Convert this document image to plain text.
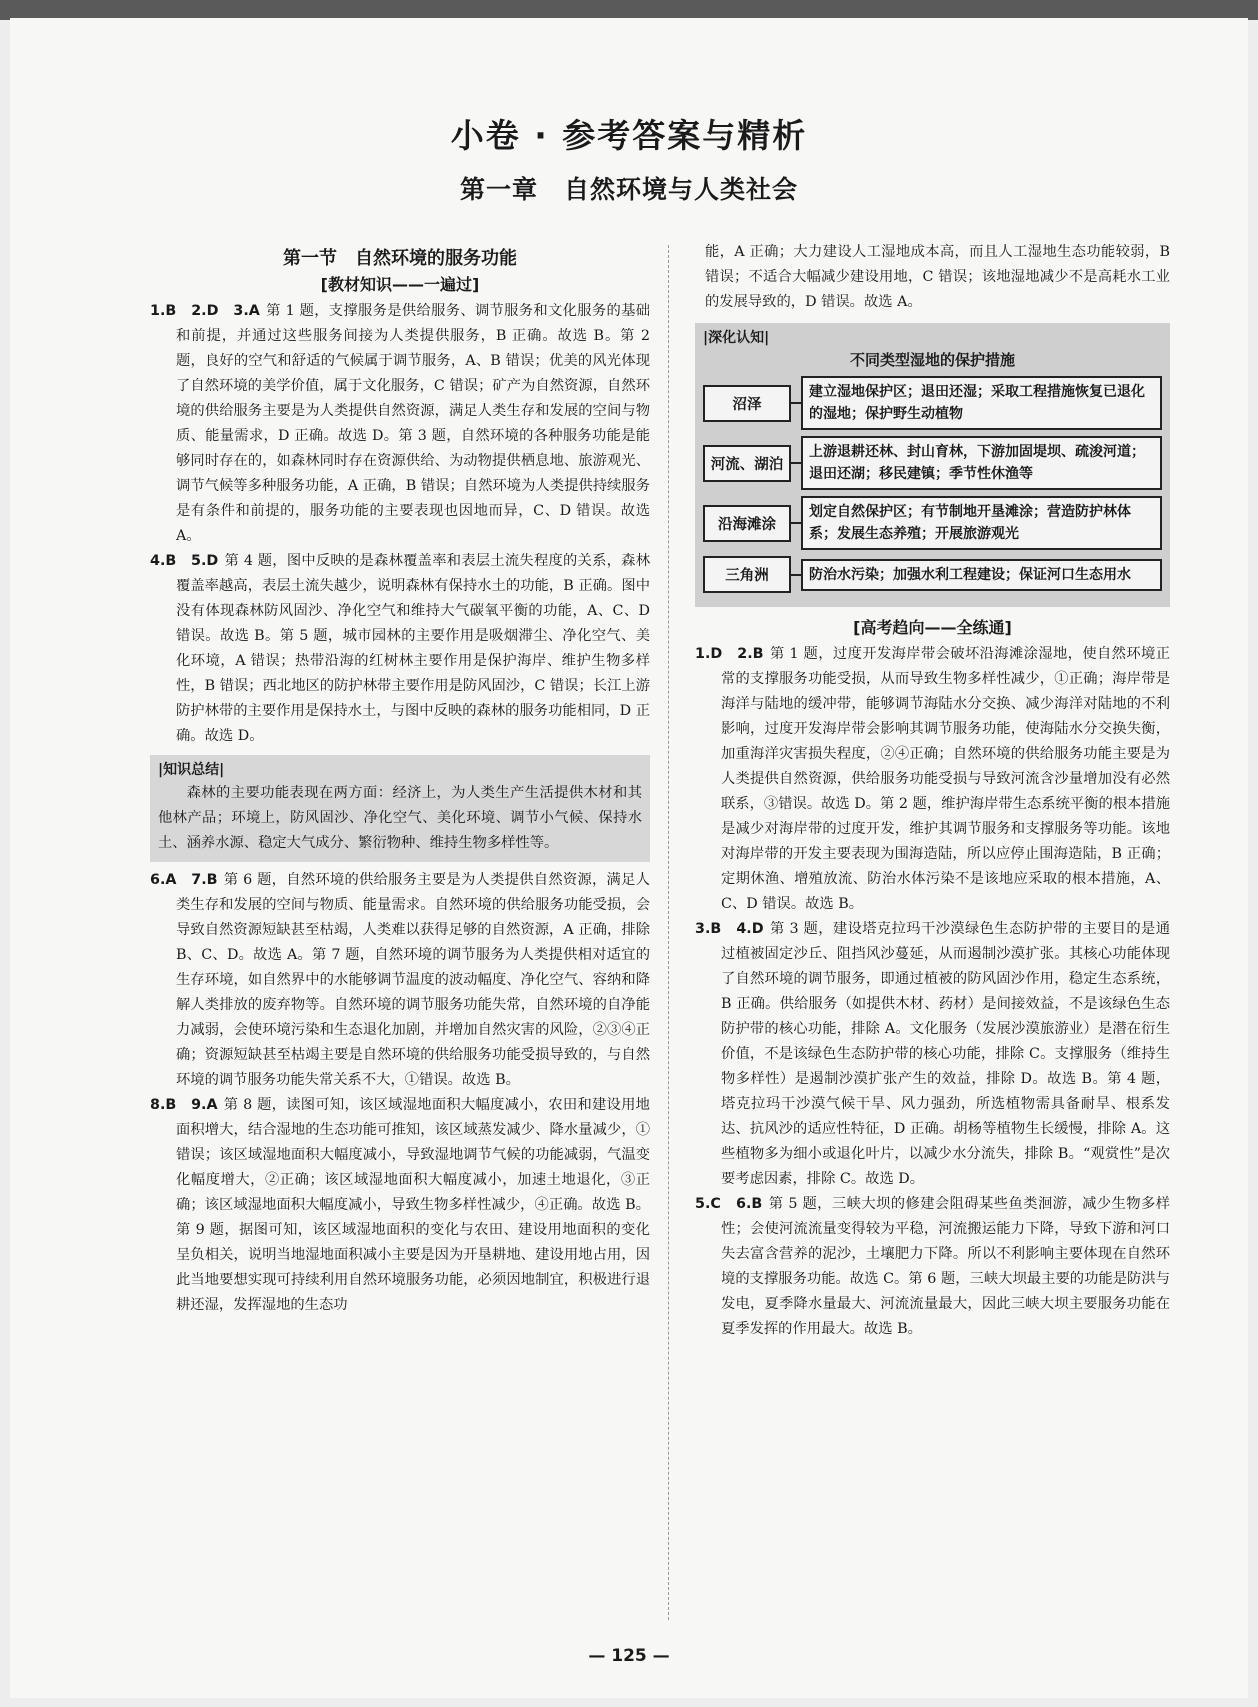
小卷 · 参考答案与精析
第一章　自然环境与人类社会
第一节　自然环境的服务功能
[教材知识——一遍过]

1.B　2.D　3.A 第 1 题，支撑服务是供给服务、调节服务和文化服务的基础和前提，并通过这些服务间接为人类提供服务，B 正确。故选 B。第 2 题，良好的空气和舒适的气候属于调节服务，A、B 错误；优美的风光体现了自然环境的美学价值，属于文化服务，C 错误；矿产为自然资源，自然环境的供给服务主要是为人类提供自然资源，满足人类生存和发展的空间与物质、能量需求，D 正确。故选 D。第 3 题，自然环境的各种服务功能是能够同时存在的，如森林同时存在资源供给、为动物提供栖息地、旅游观光、调节气候等多种服务功能，A 正确，B 错误；自然环境为人类提供持续服务是有条件和前提的，服务功能的主要表现也因地而异，C、D 错误。故选 A。

4.B　5.D 第 4 题，图中反映的是森林覆盖率和表层土流失程度的关系，森林覆盖率越高，表层土流失越少，说明森林有保持水土的功能，B 正确。图中没有体现森林防风固沙、净化空气和维持大气碳氧平衡的功能，A、C、D 错误。故选 B。第 5 题，城市园林的主要作用是吸烟滞尘、净化空气、美化环境，A 错误；热带沿海的红树林主要作用是保护海岸、维护生物多样性，B 错误；西北地区的防护林带主要作用是防风固沙，C 错误；长江上游防护林带的主要作用是保持水土，与图中反映的森林的服务功能相同，D 正确。故选 D。

|知识总结|

森林的主要功能表现在两方面：经济上，为人类生产生活提供木材和其他林产品；环境上，防风固沙、净化空气、美化环境、调节小气候、保持水土、涵养水源、稳定大气成分、繁衍物种、维持生物多样性等。

6.A　7.B 第 6 题，自然环境的供给服务主要是为人类提供自然资源，满足人类生存和发展的空间与物质、能量需求。自然环境的供给服务功能受损，会导致自然资源短缺甚至枯竭，人类难以获得足够的自然资源，A 正确，排除 B、C、D。故选 A。第 7 题，自然环境的调节服务为人类提供相对适宜的生存环境，如自然界中的水能够调节温度的波动幅度、净化空气、容纳和降解人类排放的废弃物等。自然环境的调节服务功能失常，自然环境的自净能力减弱，会使环境污染和生态退化加剧，并增加自然灾害的风险，②③④正确；资源短缺甚至枯竭主要是自然环境的供给服务功能受损导致的，与自然环境的调节服务功能失常关系不大，①错误。故选 B。

8.B　9.A 第 8 题，读图可知，该区域湿地面积大幅度减小，农田和建设用地面积增大，结合湿地的生态功能可推知，该区域蒸发减少、降水量减少，①错误；该区域湿地面积大幅度减小，导致湿地调节气候的功能减弱，气温变化幅度增大，②正确；该区域湿地面积大幅度减小，加速土地退化，③正确；该区域湿地面积大幅度减小，导致生物多样性减少，④正确。故选 B。第 9 题，据图可知，该区域湿地面积的变化与农田、建设用地面积的变化呈负相关，说明当地湿地面积减小主要是因为开垦耕地、建设用地占用，因此当地要想实现可持续利用自然环境服务功能，必须因地制宜，积极进行退耕还湿，发挥湿地的生态功

能，A 正确；大力建设人工湿地成本高，而且人工湿地生态功能较弱，B 错误；不适合大幅减少建设用地，C 错误；该地湿地减少不是高耗水工业的发展导致的，D 错误。故选 A。

|深化认知|
不同类型湿地的保护措施
沼泽
建立湿地保护区；退田还湿；采取工程措施恢复已退化的湿地；保护野生动植物
河流、湖泊
上游退耕还林、封山育林，下游加固堤坝、疏浚河道；退田还湖；移民建镇；季节性休渔等
沿海滩涂
划定自然保护区；有节制地开垦滩涂；营造防护林体系；发展生态养殖；开展旅游观光
三角洲	防治水污染；加强水利工程建设；保证河口生态用水
[高考趋向——全练通]

1.D　2.B 第 1 题，过度开发海岸带会破坏沿海滩涂湿地，使自然环境正常的支撑服务功能受损，从而导致生物多样性减少，①正确；海岸带是海洋与陆地的缓冲带，能够调节海陆水分交换、减少海洋对陆地的不利影响，过度开发海岸带会影响其调节服务功能，使海陆水分交换失衡，加重海洋灾害损失程度，②④正确；自然环境的供给服务功能主要是为人类提供自然资源，供给服务功能受损与导致河流含沙量增加没有必然联系，③错误。故选 D。第 2 题，维护海岸带生态系统平衡的根本措施是减少对海岸带的过度开发，维护其调节服务和支撑服务等功能。该地对海岸带的开发主要表现为围海造陆，所以应停止围海造陆，B 正确；定期休渔、增殖放流、防治水体污染不是该地应采取的根本措施，A、C、D 错误。故选 B。

3.B　4.D 第 3 题，建设塔克拉玛干沙漠绿色生态防护带的主要目的是通过植被固定沙丘、阻挡风沙蔓延，从而遏制沙漠扩张。其核心功能体现了自然环境的调节服务，即通过植被的防风固沙作用，稳定生态系统，B 正确。供给服务（如提供木材、药材）是间接效益，不是该绿色生态防护带的核心功能，排除 A。文化服务（发展沙漠旅游业）是潜在衍生价值，不是该绿色生态防护带的核心功能，排除 C。支撑服务（维持生物多样性）是遏制沙漠扩张产生的效益，排除 D。故选 B。第 4 题，塔克拉玛干沙漠气候干旱、风力强劲，所选植物需具备耐旱、根系发达、抗风沙的适应性特征，D 正确。胡杨等植物生长缓慢，排除 A。这些植物多为细小或退化叶片，以减少水分流失，排除 B。“观赏性”是次要考虑因素，排除 C。故选 D。

5.C　6.B 第 5 题，三峡大坝的修建会阻碍某些鱼类洄游，减少生物多样性；会使河流流量变得较为平稳，河流搬运能力下降，导致下游和河口失去富含营养的泥沙，土壤肥力下降。所以不利影响主要体现在自然环境的支撑服务功能。故选 C。第 6 题，三峡大坝最主要的功能是防洪与发电，夏季降水量最大、河流流量最大，因此三峡大坝主要服务功能在夏季发挥的作用最大。故选 B。

— 125 —
